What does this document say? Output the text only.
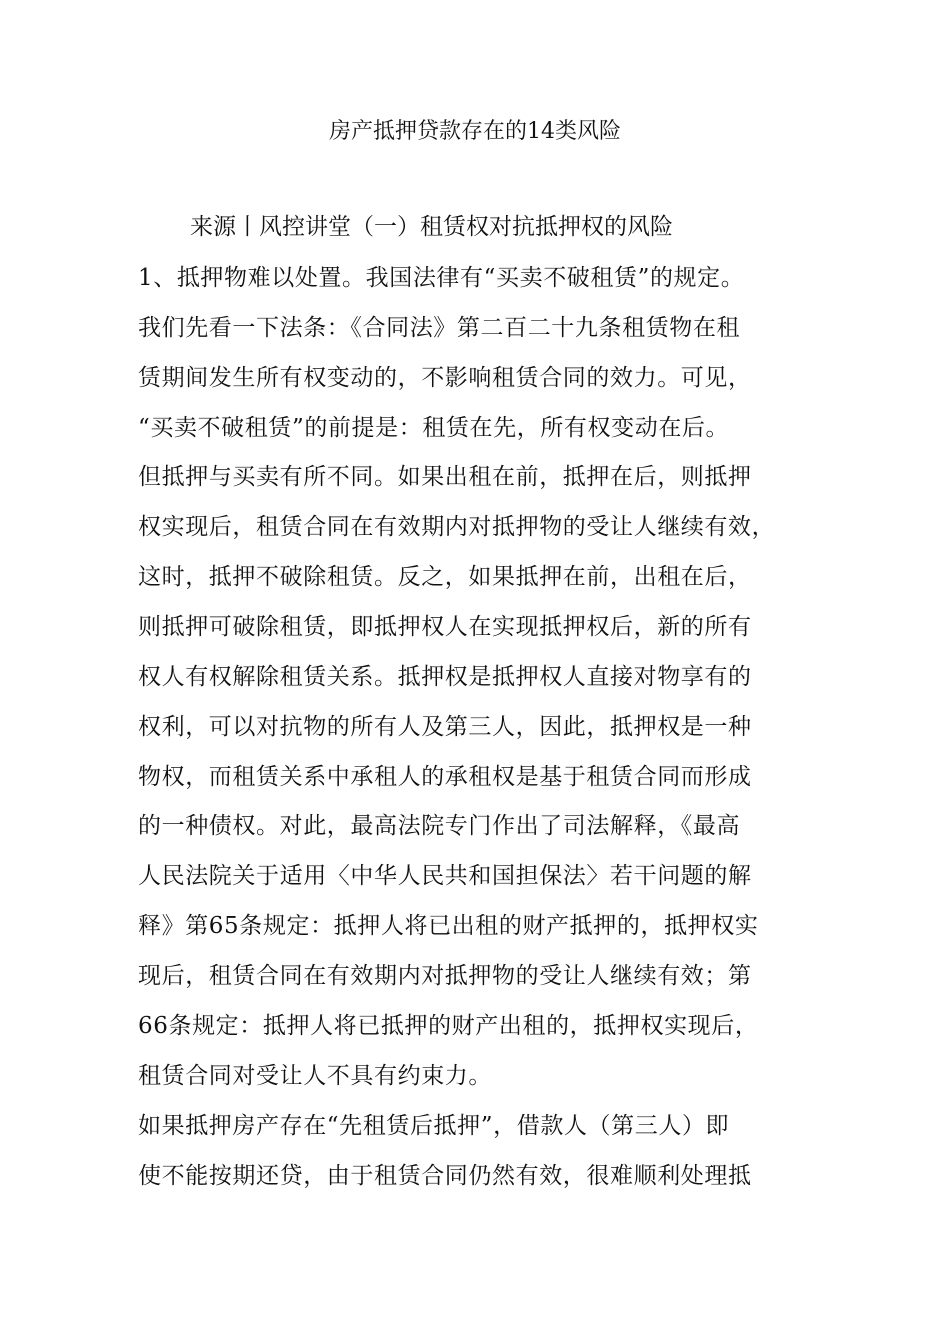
房产抵押贷款存在的14类风险
来源丨风控讲堂（一）租赁权对抗抵押权的风险
1、抵押物难以处置。我国法律有“买卖不破租赁”的规定。
我们先看一下法条：《合同法》第二百二十九条租赁物在租
赁期间发生所有权变动的，不影响租赁合同的效力。可见，
“买卖不破租赁”的前提是：租赁在先，所有权变动在后。
但抵押与买卖有所不同。如果出租在前，抵押在后，则抵押
权实现后，租赁合同在有效期内对抵押物的受让人继续有效，
这时，抵押不破除租赁。反之，如果抵押在前，出租在后，
则抵押可破除租赁，即抵押权人在实现抵押权后，新的所有
权人有权解除租赁关系。抵押权是抵押权人直接对物享有的
权利，可以对抗物的所有人及第三人，因此，抵押权是一种
物权，而租赁关系中承租人的承租权是基于租赁合同而形成
的一种债权。对此，最高法院专门作出了司法解释，《最高
人民法院关于适用〈中华人民共和国担保法〉若干问题的解
释》第65条规定：抵押人将已出租的财产抵押的，抵押权实
现后，租赁合同在有效期内对抵押物的受让人继续有效；第
66条规定：抵押人将已抵押的财产出租的，抵押权实现后，
租赁合同对受让人不具有约束力。
如果抵押房产存在“先租赁后抵押”，借款人（第三人）即
使不能按期还贷，由于租赁合同仍然有效，很难顺利处理抵
